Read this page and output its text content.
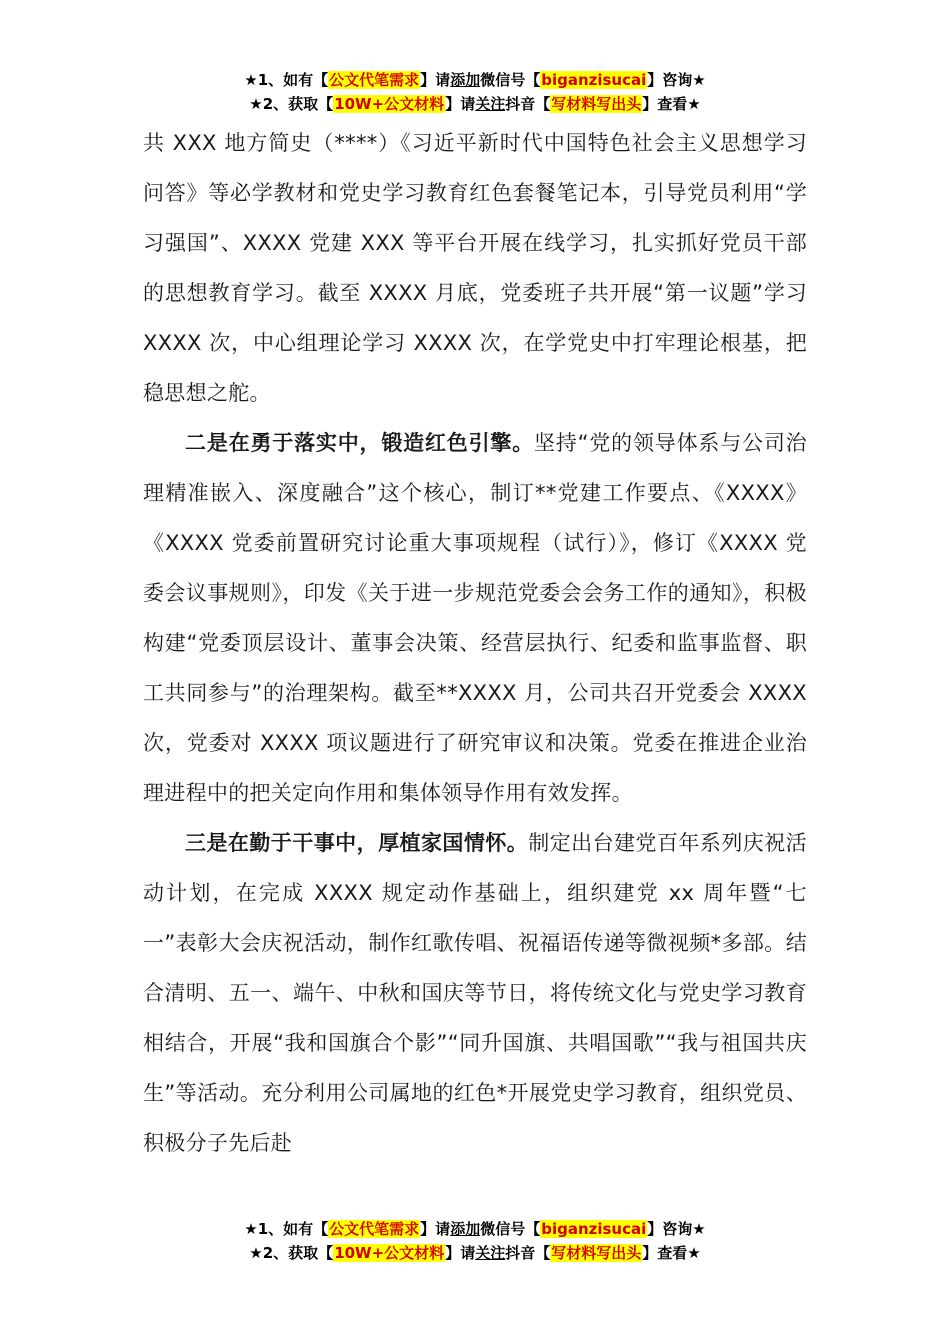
★1、如有【公文代笔需求】请添加微信号【biganzisucai】咨询★
★2、获取【10W+公文材料】请关注抖音【写材料写出头】查看★

共 XXX 地方简史（****）《习近平新时代中国特色社会主义思想学习问答》等必学教材和党史学习教育红色套餐笔记本，引导党员利用“学习强国”、XXXX 党建 XXX 等平台开展在线学习，扎实抓好党员干部的思想教育学习。截至 XXXX 月底，党委班子共开展“第一议题”学习 XXXX 次，中心组理论学习 XXXX 次，在学党史中打牢理论根基，把稳思想之舵。

二是在勇于落实中，锻造红色引擎。坚持“党的领导体系与公司治理精准嵌入、深度融合”这个核心，制订**党建工作要点、《XXXX》《XXXX 党委前置研究讨论重大事项规程（试行）》，修订《XXXX 党委会议事规则》，印发《关于进一步规范党委会会务工作的通知》，积极构建“党委顶层设计、董事会决策、经营层执行、纪委和监事监督、职工共同参与”的治理架构。截至**XXXX 月，公司共召开党委会 XXXX 次，党委对 XXXX 项议题进行了研究审议和决策。党委在推进企业治理进程中的把关定向作用和集体领导作用有效发挥。

三是在勤于干事中，厚植家国情怀。制定出台建党百年系列庆祝活动计划，在完成 XXXX 规定动作基础上，组织建党 xx 周年暨“七一”表彰大会庆祝活动，制作红歌传唱、祝福语传递等微视频*多部。结合清明、五一、端午、中秋和国庆等节日，将传统文化与党史学习教育相结合，开展“我和国旗合个影”“同升国旗、共唱国歌”“我与祖国共庆生”等活动。充分利用公司属地的红色*开展党史学习教育，组织党员、积极分子先后赴

★1、如有【公文代笔需求】请添加微信号【biganzisucai】咨询★
★2、获取【10W+公文材料】请关注抖音【写材料写出头】查看★
